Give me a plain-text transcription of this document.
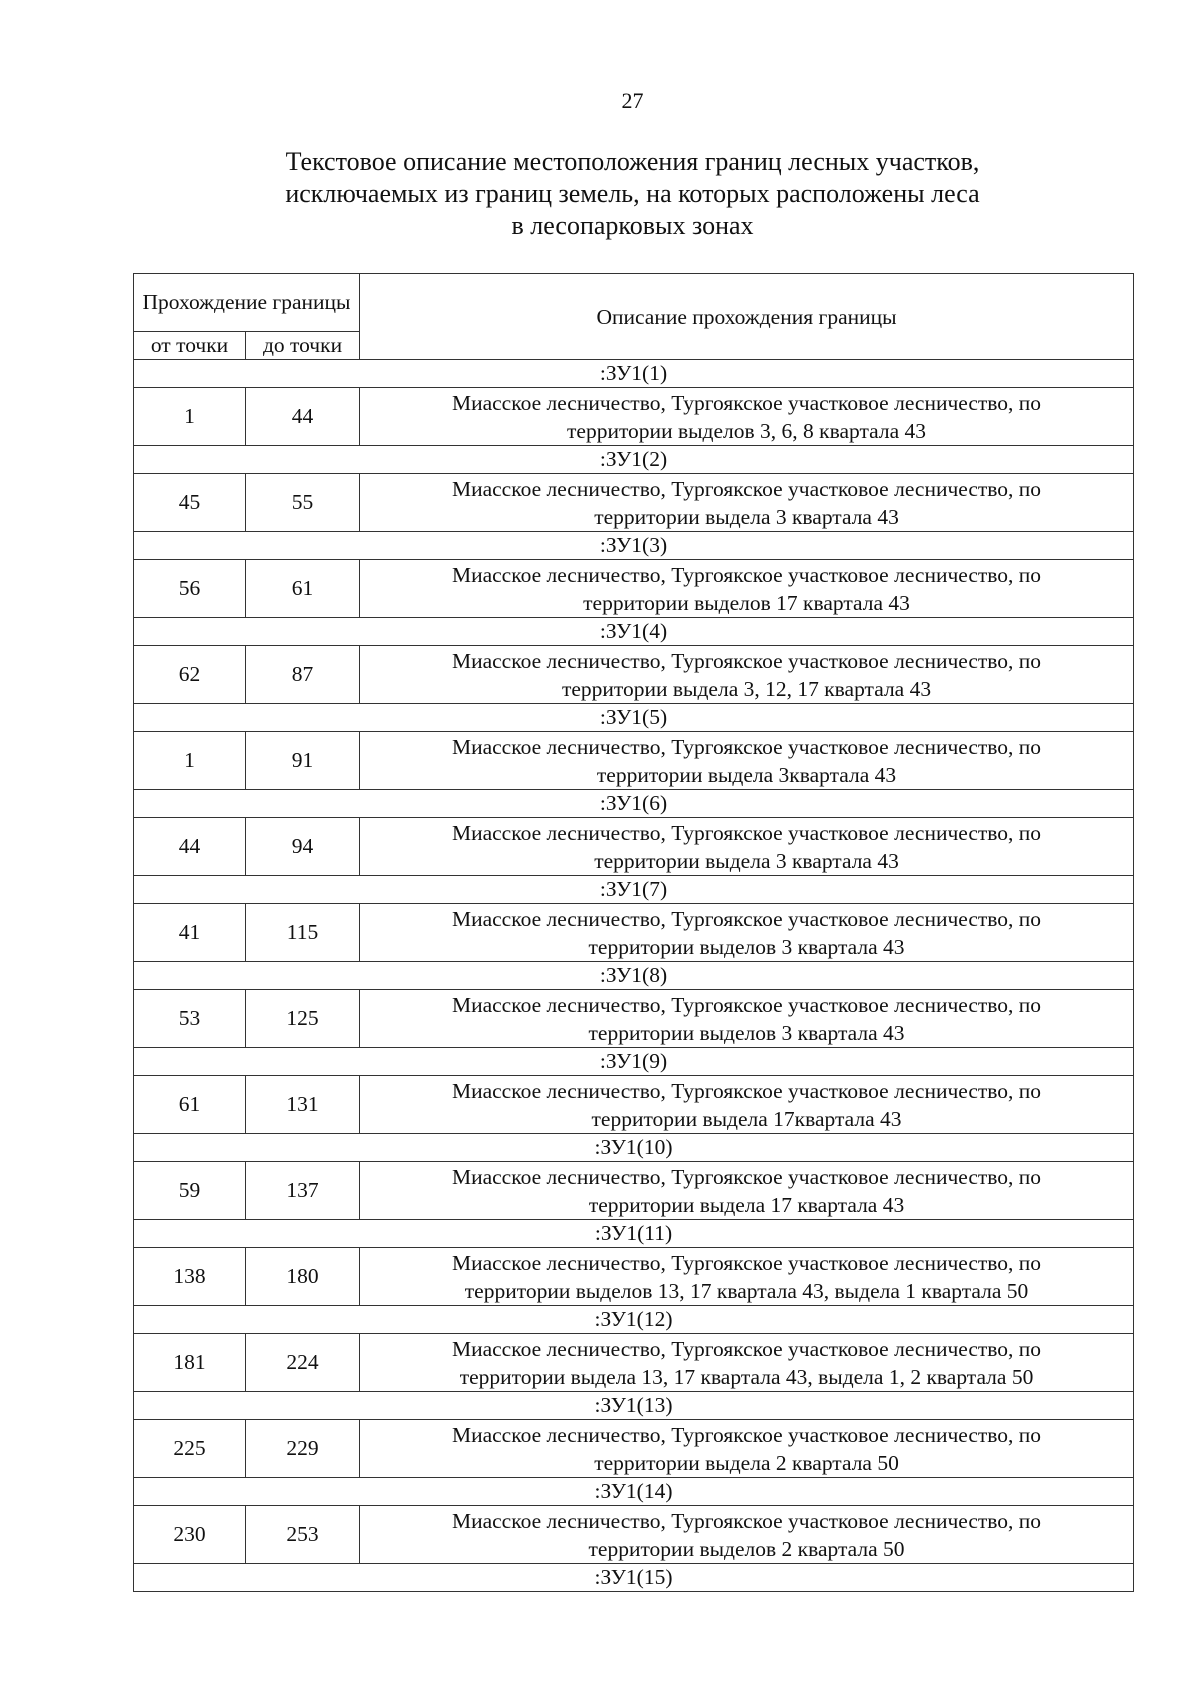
27
Текстовое описание местоположения границ лесных участков,
исключаемых из границ земель, на которых расположены леса
в лесопарковых зонах
Прохождение границы		Описание прохождения границы
от точки	до точки	
:ЗУ1(1)		
1	44	Миасское лесничество, Тургоякское участковое лесничество, по
территории выделов 3, 6, 8 квартала 43

:ЗУ1(2)		
45	55	Миасское лесничество, Тургоякское участковое лесничество, по
территории выдела 3 квартала 43

:ЗУ1(3)		
56	61	Миасское лесничество, Тургоякское участковое лесничество, по
территории выделов 17 квартала 43

:ЗУ1(4)		
62	87	Миасское лесничество, Тургоякское участковое лесничество, по
территории выдела 3, 12, 17 квартала 43

:ЗУ1(5)		
1	91	Миасское лесничество, Тургоякское участковое лесничество, по
территории выдела 3квартала 43

:ЗУ1(6)		
44	94	Миасское лесничество, Тургоякское участковое лесничество, по
территории выдела 3 квартала 43

:ЗУ1(7)		
41	115	Миасское лесничество, Тургоякское участковое лесничество, по
территории выделов 3 квартала 43

:ЗУ1(8)		
53	125	Миасское лесничество, Тургоякское участковое лесничество, по
территории выделов 3 квартала 43

:ЗУ1(9)		
61	131	Миасское лесничество, Тургоякское участковое лесничество, по
территории выдела 17квартала 43

:ЗУ1(10)		
59	137	Миасское лесничество, Тургоякское участковое лесничество, по
территории выдела 17 квартала 43

:ЗУ1(11)		
138	180	Миасское лесничество, Тургоякское участковое лесничество, по
территории выделов 13, 17 квартала 43, выдела 1 квартала 50

:ЗУ1(12)		
181	224	Миасское лесничество, Тургоякское участковое лесничество, по
территории выдела 13, 17 квартала 43, выдела 1, 2 квартала 50

:ЗУ1(13)		
225	229	Миасское лесничество, Тургоякское участковое лесничество, по
территории выдела 2 квартала 50

:ЗУ1(14)		
230	253	Миасское лесничество, Тургоякское участковое лесничество, по
территории выделов 2 квартала 50

:ЗУ1(15)		
